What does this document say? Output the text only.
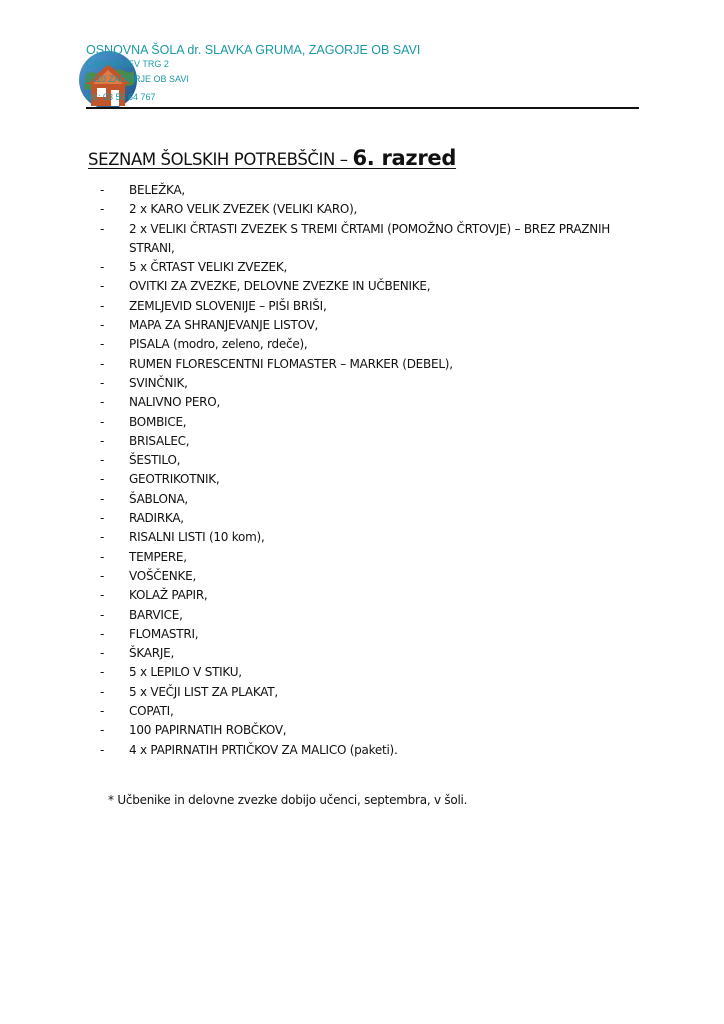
OSNOVNA ŠOLA dr. SLAVKA GRUMA, ZAGORJE OB SAVI
CANKARJEV TRG 2
1410 ZAGORJE OB SAVI
tel.: 03 56 64 767
SEZNAM ŠOLSKIH POTREBŠČIN – 6. razred
- BELEŽKA,
- 2 x KARO VELIK ZVEZEK (VELIKI KARO),
- 2 x VELIKI ČRTASTI ZVEZEK S TREMI ČRTAMI (POMOŽNO ČRTOVJE) – BREZ PRAZNIH STRANI,
- 5 x ČRTAST VELIKI ZVEZEK,
- OVITKI ZA ZVEZKE, DELOVNE ZVEZKE IN UČBENIKE,
- ZEMLJEVID SLOVENIJE – PIŠI BRIŠI,
- MAPA ZA SHRANJEVANJE LISTOV,
- PISALA (modro, zeleno, rdeče),
- RUMEN FLORESCENTNI FLOMASTER – MARKER (DEBEL),
- SVINČNIK,
- NALIVNO PERO,
- BOMBICE,
- BRISALEC,
- ŠESTILO,
- GEOTRIKOTNIK,
- ŠABLONA,
- RADIRKA,
- RISALNI LISTI (10 kom),
- TEMPERE,
- VOŠČENKE,
- KOLAŽ PAPIR,
- BARVICE,
- FLOMASTRI,
- ŠKARJE,
- 5 x LEPILO V STIKU,
- 5 x VEČJI LIST ZA PLAKAT,
- COPATI,
- 100 PAPIRNATIH ROBČKOV,
- 4 x PAPIRNATIH PRTIČKOV ZA MALICO (paketi).
* Učbenike in delovne zvezke dobijo učenci, septembra, v šoli.
